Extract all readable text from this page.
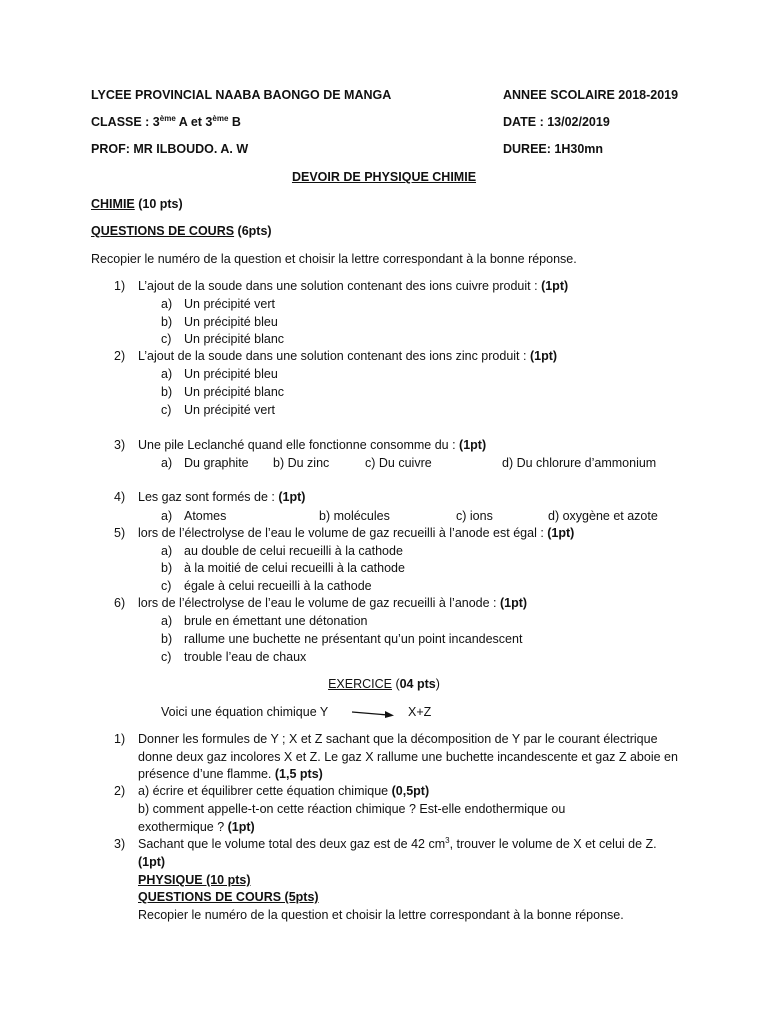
LYCEE PROVINCIAL NAABA BAONGO DE MANGA	ANNEE SCOLAIRE 2018-2019
CLASSE : 3ème A et 3ème B	DATE : 13/02/2019
PROF: MR ILBOUDO. A. W	DUREE: 1H30mn
DEVOIR DE PHYSIQUE CHIMIE
CHIMIE (10 pts)
QUESTIONS DE COURS (6pts)
Recopier le numéro de la question et choisir la lettre correspondant à la bonne réponse.
1) L’ajout de la soude dans une solution contenant des ions cuivre produit : (1pt)
a) Un précipité vert
b) Un précipité bleu
c) Un précipité blanc
2) L’ajout de la soude dans une solution contenant des ions zinc produit : (1pt)
a) Un précipité bleu
b) Un précipité blanc
c) Un précipité vert
3) Une pile Leclanché quand elle fonctionne consomme du : (1pt)
a) Du graphite b) Du zinc	c) Du cuivre	d) Du chlorure d’ammonium
4) Les gaz sont formés de : (1pt)
a) Atomes	b) molécules	c) ions	d) oxygène et azote
5) lors de l’électrolyse de l’eau le volume de gaz recueilli à l’anode est égal : (1pt)
a) au double de celui recueilli à la cathode
b) à la moitié de celui recueilli à la cathode
c) égale à celui recueilli à la cathode
6) lors de l’électrolyse de l’eau le volume de gaz recueilli à l’anode : (1pt)
a) brule en émettant une détonation
b) rallume une buchette ne présentant qu’un point incandescent
c) trouble l’eau de chaux
EXERCICE (04 pts)
Voici une équation chimique Y	X+Z
1) Donner les formules de Y ; X et Z sachant que la décomposition de Y par le courant électrique donne deux gaz incolores X et Z. Le gaz X rallume une buchette incandescente et gaz Z aboie en présence d’une flamme. (1,5 pts)
2) a) écrire et équilibrer cette équation chimique (0,5pt)
b) comment appelle-t-on cette réaction chimique ? Est-elle endothermique ou exothermique ? (1pt)
3) Sachant que le volume total des deux gaz est de 42 $cm^3$, trouver le volume de X et celui de Z. (1pt)
PHYSIQUE (10 pts)
QUESTIONS DE COURS (5pts)
Recopier le numéro de la question et choisir la lettre correspondant à la bonne réponse.
